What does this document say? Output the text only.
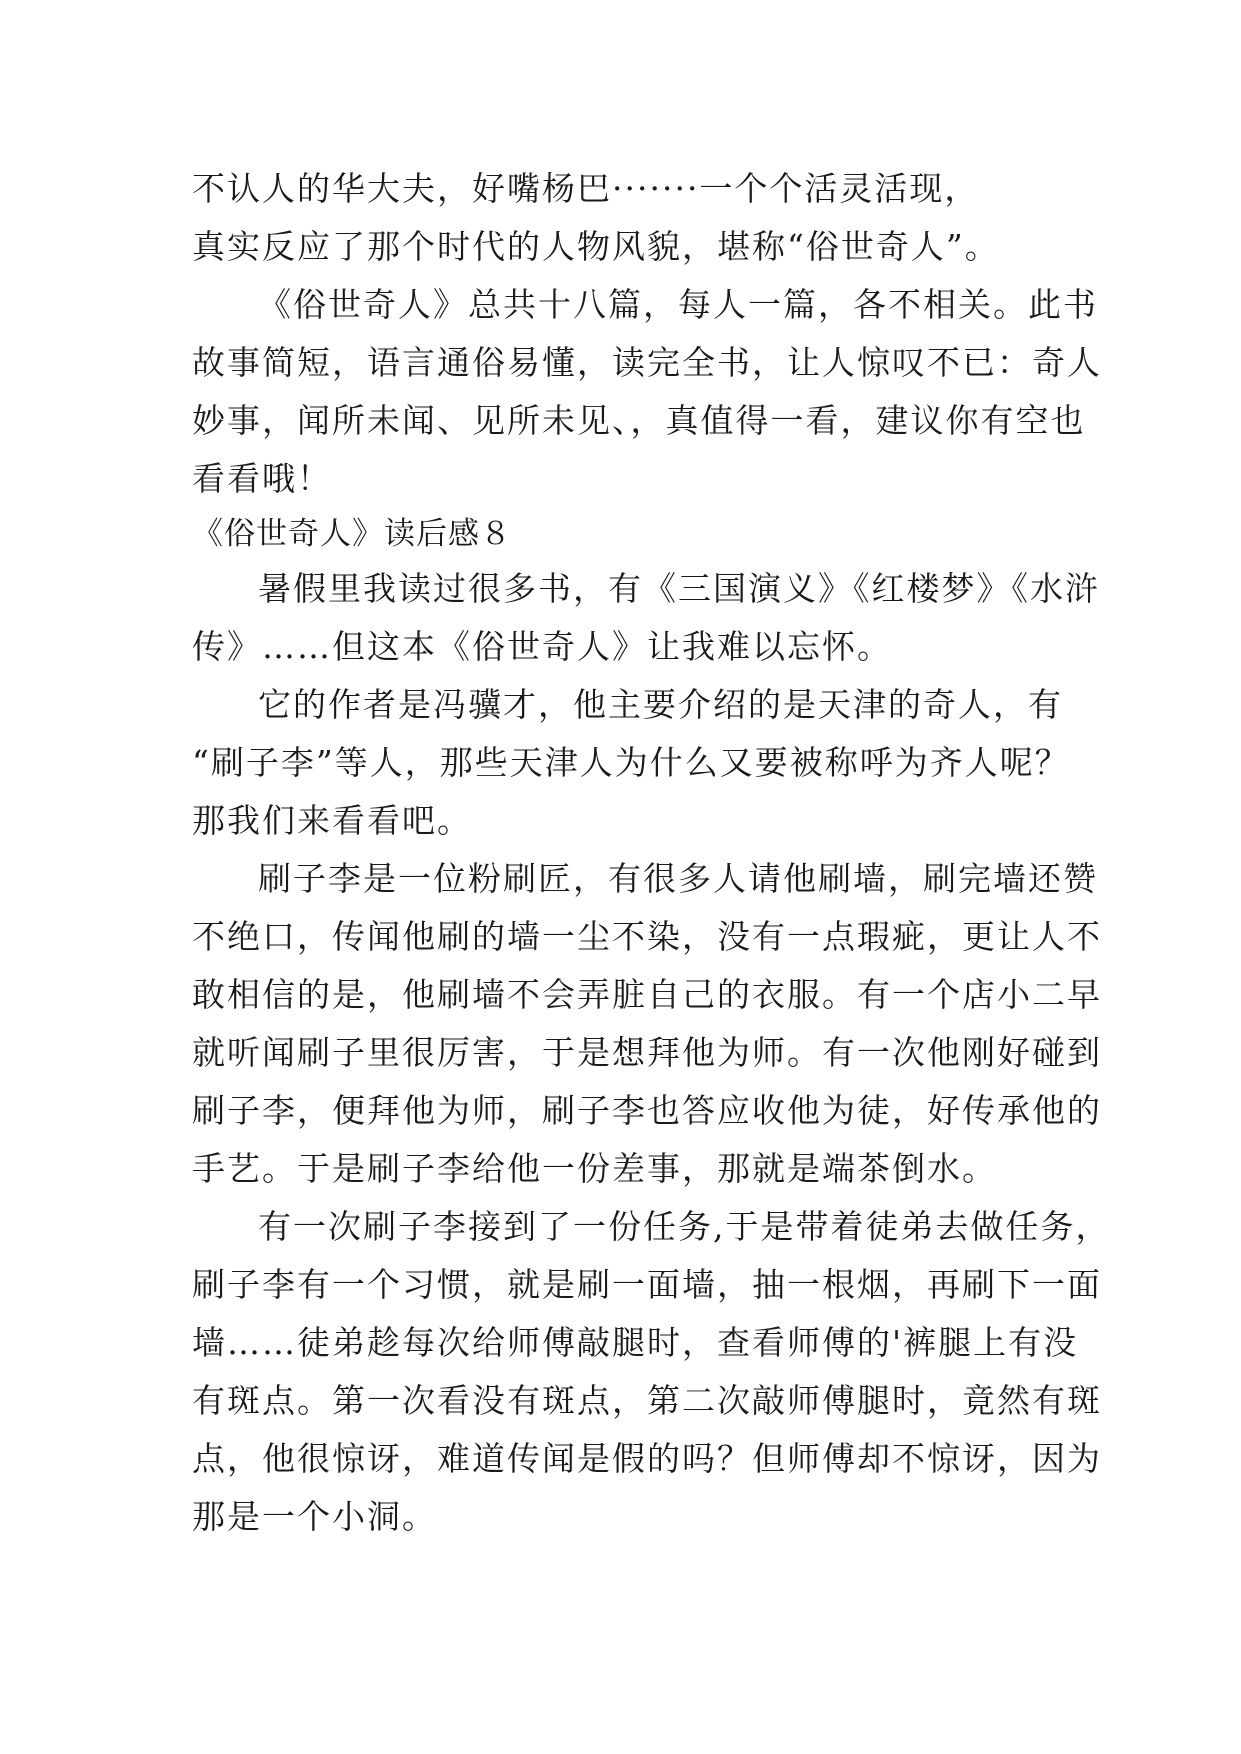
不认人的华大夫，好嘴杨巴·······一个个活灵活现，
真实反应了那个时代的人物风貌，堪称“俗世奇人”。
《俗世奇人》总共十八篇，每人一篇，各不相关。此书
故事简短，语言通俗易懂，读完全书，让人惊叹不已：奇人
妙事，闻所未闻、见所未见、，真值得一看，建议你有空也
看看哦！
《俗世奇人》读后感８
暑假里我读过很多书，有《三国演义》《红楼梦》《水浒
传》……但这本《俗世奇人》让我难以忘怀。
它的作者是冯骥才，他主要介绍的是天津的奇人，有
“刷子李”等人，那些天津人为什么又要被称呼为齐人呢？
那我们来看看吧。
刷子李是一位粉刷匠，有很多人请他刷墙，刷完墙还赞
不绝口，传闻他刷的墙一尘不染，没有一点瑕疵，更让人不
敢相信的是，他刷墙不会弄脏自己的衣服。有一个店小二早
就听闻刷子里很厉害，于是想拜他为师。有一次他刚好碰到
刷子李，便拜他为师，刷子李也答应收他为徒，好传承他的
手艺。于是刷子李给他一份差事，那就是端茶倒水。
有一次刷子李接到了一份任务,于是带着徒弟去做任务，
刷子李有一个习惯，就是刷一面墙，抽一根烟，再刷下一面
墙……徒弟趁每次给师傅敲腿时，查看师傅的'裤腿上有没
有斑点。第一次看没有斑点，第二次敲师傅腿时，竟然有斑
点，他很惊讶，难道传闻是假的吗？但师傅却不惊讶，因为
那是一个小洞。
